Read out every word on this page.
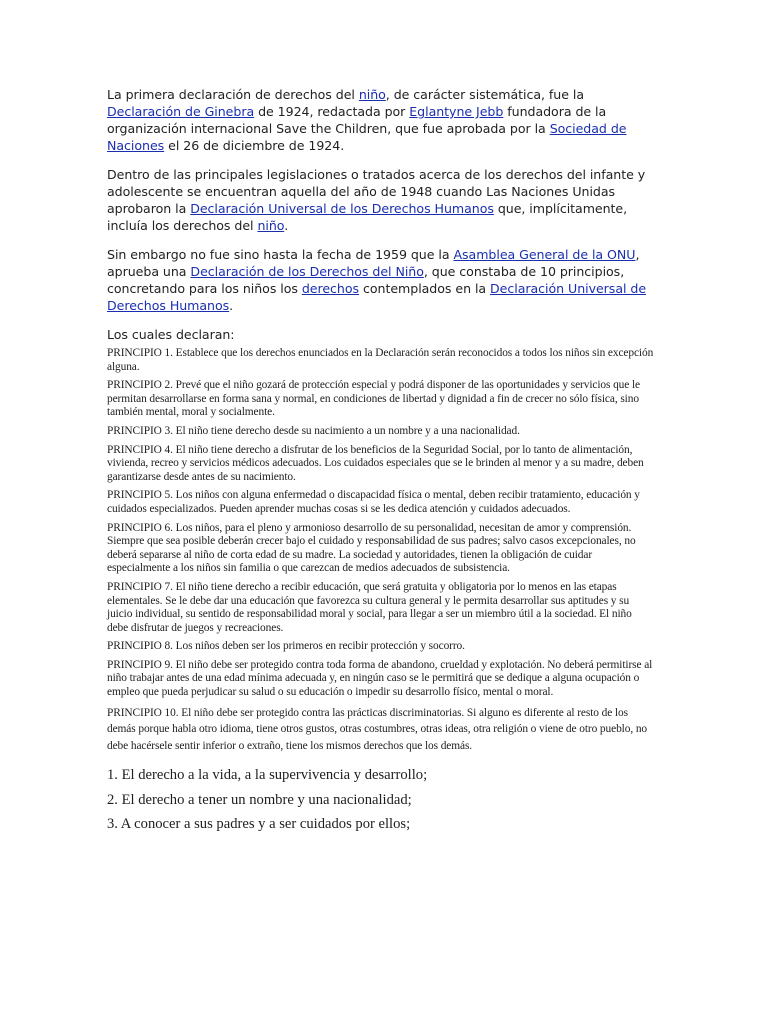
La primera declaración de derechos del niño, de carácter sistemática, fue la Declaración de Ginebra de 1924, redactada por Eglantyne Jebb fundadora de la organización internacional Save the Children, que fue aprobada por la Sociedad de Naciones el 26 de diciembre de 1924.

Dentro de las principales legislaciones o tratados acerca de los derechos del infante y adolescente se encuentran aquella del año de 1948 cuando Las Naciones Unidas aprobaron la Declaración Universal de los Derechos Humanos que, implícitamente, incluía los derechos del niño.

Sin embargo no fue sino hasta la fecha de 1959 que la Asamblea General de la ONU, aprueba una Declaración de los Derechos del Niño, que constaba de 10 principios, concretando para los niños los derechos contemplados en la Declaración Universal de Derechos Humanos.

Los cuales declaran:

PRINCIPIO 1. Establece que los derechos enunciados en la Declaración serán reconocidos a todos los niños sin excepción alguna.

PRINCIPIO 2. Prevé que el niño gozará de protección especial y podrá disponer de las oportunidades y servicios que le permitan desarrollarse en forma sana y normal, en condiciones de libertad y dignidad a fin de crecer no sólo física, sino también mental, moral y socialmente.

PRINCIPIO 3. El niño tiene derecho desde su nacimiento a un nombre y a una nacionalidad.

PRINCIPIO 4. El niño tiene derecho a disfrutar de los beneficios de la Seguridad Social, por lo tanto de alimentación, vivienda, recreo y servicios médicos adecuados. Los cuidados especiales que se le brinden al menor y a su madre, deben garantizarse desde antes de su nacimiento.

PRINCIPIO 5. Los niños con alguna enfermedad o discapacidad física o mental, deben recibir tratamiento, educación y cuidados especializados. Pueden aprender muchas cosas si se les dedica atención y cuidados adecuados.

PRINCIPIO 6. Los niños, para el pleno y armonioso desarrollo de su personalidad, necesitan de amor y comprensión. Siempre que sea posible deberán crecer bajo el cuidado y responsabilidad de sus padres; salvo casos excepcionales, no deberá separarse al niño de corta edad de su madre. La sociedad y autoridades, tienen la obligación de cuidar especialmente a los niños sin familia o que carezcan de medios adecuados de subsistencia.

PRINCIPIO 7. El niño tiene derecho a recibir educación, que será gratuita y obligatoria por lo menos en las etapas elementales. Se le debe dar una educación que favorezca su cultura general y le permita desarrollar sus aptitudes y su juicio individual, su sentido de responsabilidad moral y social, para llegar a ser un miembro útil a la sociedad. El niño debe disfrutar de juegos y recreaciones.

PRINCIPIO 8. Los niños deben ser los primeros en recibir protección y socorro.

PRINCIPIO 9. El niño debe ser protegido contra toda forma de abandono, crueldad y explotación. No deberá permitirse al niño trabajar antes de una edad mínima adecuada y, en ningún caso se le permitirá que se dedique a alguna ocupación o empleo que pueda perjudicar su salud o su educación o impedir su desarrollo físico, mental o moral.

PRINCIPIO 10. El niño debe ser protegido contra las prácticas discriminatorias. Si alguno es diferente al resto de los demás porque habla otro idioma, tiene otros gustos, otras costumbres, otras ideas, otra religión o viene de otro pueblo, no debe hacérsele sentir inferior o extraño, tiene los mismos derechos que los demás.

1. El derecho a la vida, a la supervivencia y desarrollo;

2. El derecho a tener un nombre y una nacionalidad;

3. A conocer a sus padres y a ser cuidados por ellos;
